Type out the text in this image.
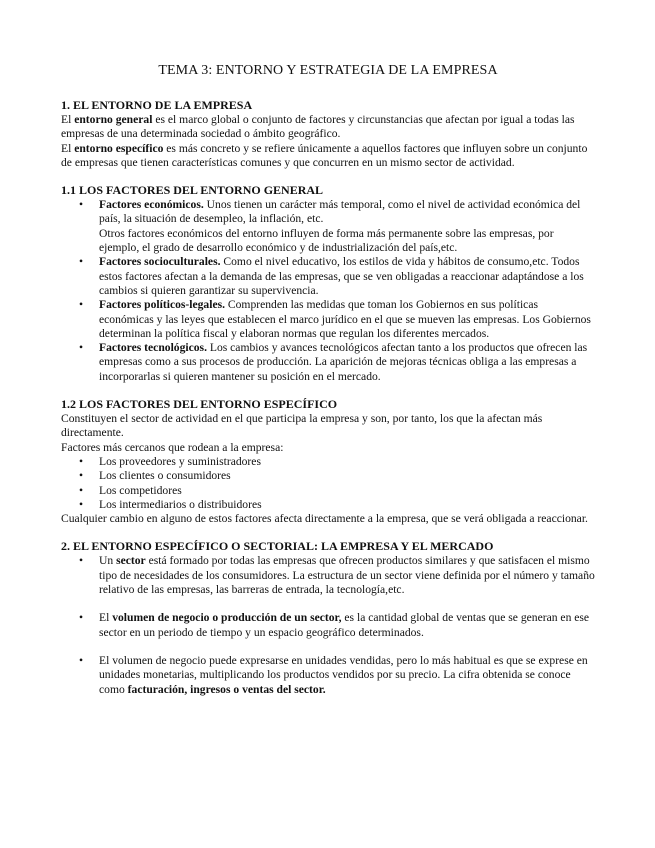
TEMA 3: ENTORNO Y ESTRATEGIA DE LA EMPRESA
1. EL ENTORNO DE LA EMPRESA

El entorno general es el marco global o conjunto de factores y circunstancias que afectan por igual a todas las empresas de una determinada sociedad o ámbito geográfico.

El entorno específico es más concreto y se refiere únicamente a aquellos factores que influyen sobre un conjunto de empresas que tienen características comunes y que concurren en un mismo sector de actividad.

1.1 LOS FACTORES DEL ENTORNO GENERAL
• Factores económicos. Unos tienen un carácter más temporal, como el nivel de actividad económica del país, la situación de desempleo, la inflación, etc.
Otros factores económicos del entorno influyen de forma más permanente sobre las empresas, por ejemplo, el grado de desarrollo económico y de industrialización del país,etc.
• Factores socioculturales. Como el nivel educativo, los estilos de vida y hábitos de consumo,etc. Todos estos factores afectan a la demanda de las empresas, que se ven obligadas a reaccionar adaptándose a los cambios si quieren garantizar su supervivencia.
• Factores políticos-legales. Comprenden las medidas que toman los Gobiernos en sus políticas económicas y las leyes que establecen el marco jurídico en el que se mueven las empresas. Los Gobiernos determinan la política fiscal y elaboran normas que regulan los diferentes mercados.
• Factores tecnológicos. Los cambios y avances tecnológicos afectan tanto a los productos que ofrecen las empresas como a sus procesos de producción. La aparición de mejoras técnicas obliga a las empresas a incorporarlas si quieren mantener su posición en el mercado.
1.2 LOS FACTORES DEL ENTORNO ESPECÍFICO

Constituyen el sector de actividad en el que participa la empresa y son, por tanto, los que la afectan más directamente.

Factores más cercanos que rodean a la empresa:

• Los proveedores y suministradores
• Los clientes o consumidores
• Los competidores
• Los intermediarios o distribuidores

Cualquier cambio en alguno de estos factores afecta directamente a la empresa, que se verá obligada a reaccionar.

2. EL ENTORNO ESPECÍFICO O SECTORIAL: LA EMPRESA Y EL MERCADO
• Un sector está formado por todas las empresas que ofrecen productos similares y que satisfacen el mismo tipo de necesidades de los consumidores. La estructura de un sector viene definida por el número y tamaño relativo de las empresas, las barreras de entrada, la tecnología,etc.
• El volumen de negocio o producción de un sector, es la cantidad global de ventas que se generan en ese sector en un periodo de tiempo y un espacio geográfico determinados.
• El volumen de negocio puede expresarse en unidades vendidas, pero lo más habitual es que se exprese en unidades monetarias, multiplicando los productos vendidos por su precio. La cifra obtenida se conoce como facturación, ingresos o ventas del sector.
